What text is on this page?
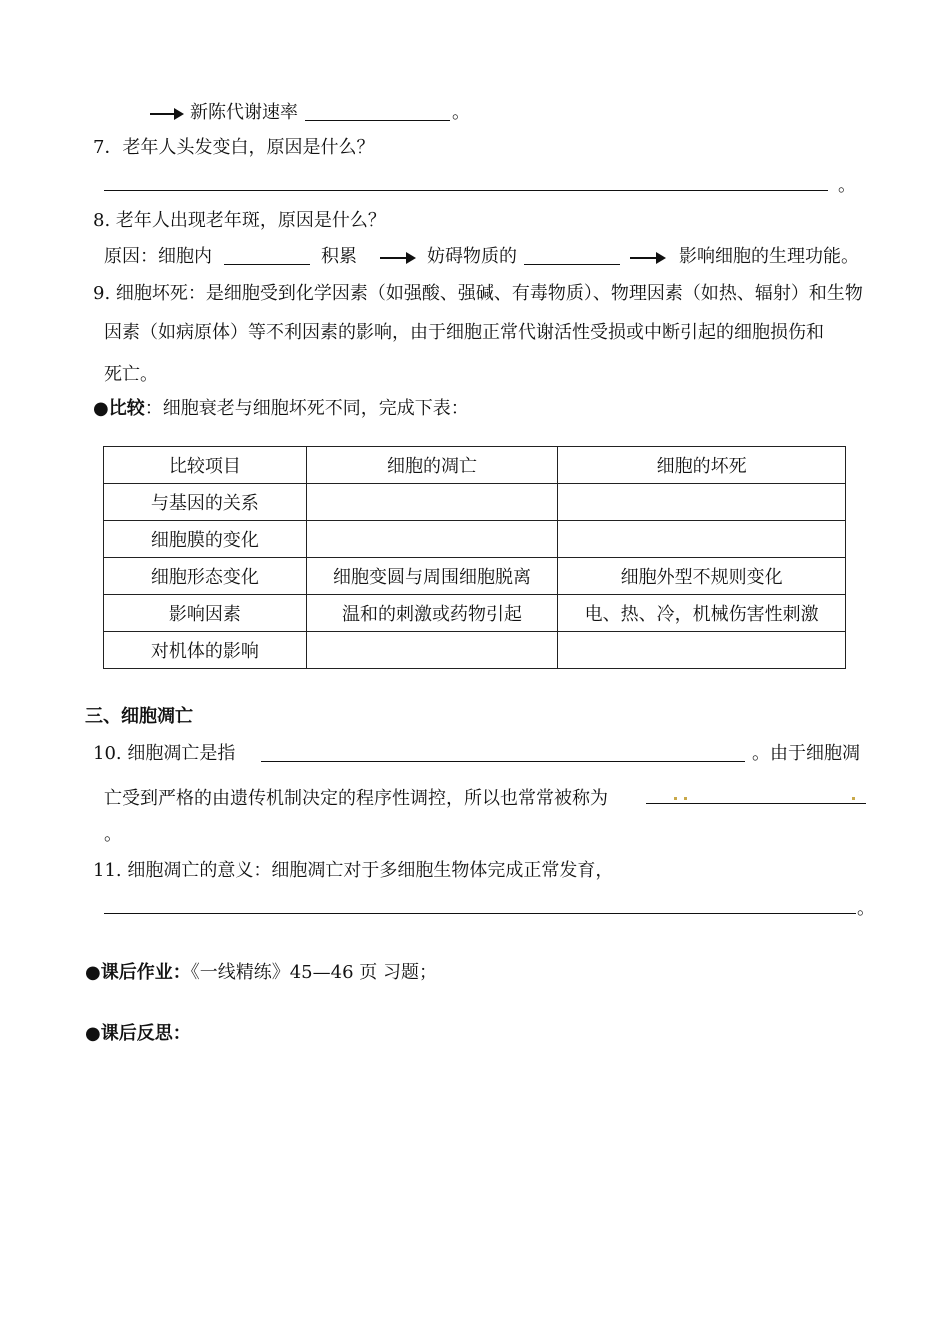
新陈代谢速率	。
7．老年人头发变白，原因是什么？
。
8. 老年人出现老年斑，原因是什么？
原因：细胞内	积累	妨碍物质的	影响细胞的生理功能。
9. 细胞坏死：是细胞受到化学因素（如强酸、强碱、有毒物质）、物理因素（如热、辐射）和生物
因素（如病原体）等不利因素的影响，由于细胞正常代谢活性受损或中断引起的细胞损伤和
死亡。
●比较：细胞衰老与细胞坏死不同，完成下表：
比较项目	细胞的凋亡	细胞的坏死
与基因的关系		
细胞膜的变化		
细胞形态变化	细胞变圆与周围细胞脱离	细胞外型不规则变化
影响因素	温和的刺激或药物引起	电、热、冷，机械伤害性刺激
对机体的影响		
三、细胞凋亡
10. 细胞凋亡是指	。由于细胞凋
亡受到严格的由遗传机制决定的程序性调控，所以也常常被称为
。
11. 细胞凋亡的意义：细胞凋亡对于多细胞生物体完成正常发育，
。
●课后作业：《一线精练》45—46 页 习题；
●课后反思：
